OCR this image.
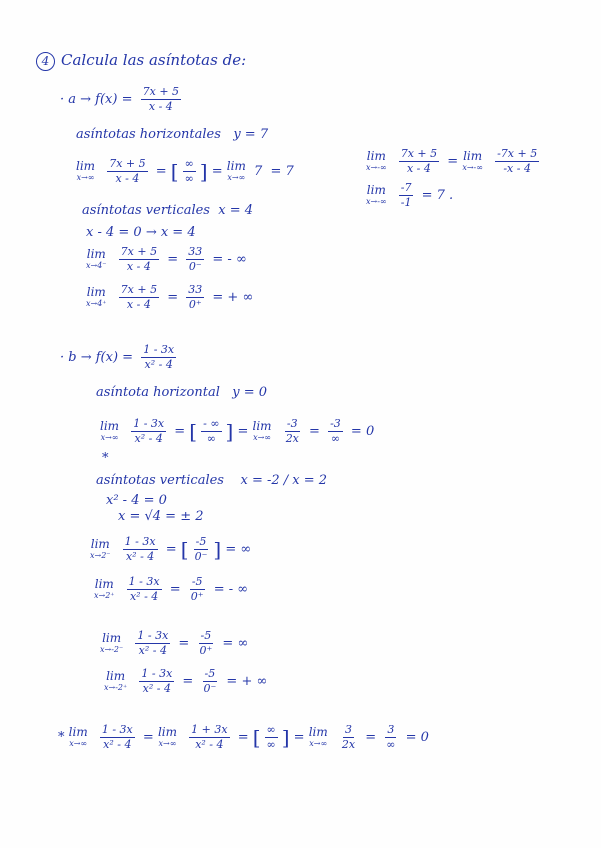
4 Calcula las asíntotas de:
· $a \to f(x) = \frac{7x + 5}{x - 4}$
asíntotas horizontales y = 7
lim
x→∞
$\frac{7x + 5}{x - 4}$ = [ $\frac{\infty}{\infty}$ ] = lim
x→∞ 7 = 7
lim
x→-∞
$\frac{7x + 5}{x - 4} = \lim$
x→-∞
$\frac{-7x + 5}{-x - 4}$
lim
x→-∞
$\frac{-7}{-1} = 7$ .
asíntotas verticales x = 4
x - 4 = 0 → x = 4
lim
x→4⁻
$\frac{7x + 5}{x - 4} = \frac{33}{0^-}$ = - ∞
lim
x→4⁺
$\frac{7x + 5}{x - 4} = \frac{33}{0^+}$ = + ∞
· $b \to f(x) = \frac{1 - 3x}{\text{x² - 4}}$
asíntota horizontal y = 0
lim
x→∞
$\frac{1 - 3x}{\text{x² - 4}}$ = [ $\frac{- \infty}{\infty}$ ] = lim
x→∞
$\frac{-3}{2x} = \frac{-3}{\infty} = 0$
*
asíntotas verticales x = -2 / x = 2
x² - 4 = 0
x = √4 = ± 2
lim
x→2⁻
$\frac{1 - 3x}{\text{x² - 4}}$ = [ $\frac{-5}{0^-}$ ] = ∞
lim
x→2⁺
$\frac{1 - 3x}{\text{x² - 4}} = \frac{-5}{0^+}$ = - ∞
lim
x→-2⁻
$\frac{1 - 3x}{\text{x² - 4}} = \frac{-5}{0^+}$ = ∞
lim
x→-2⁺
$\frac{1 - 3x}{\text{x² - 4}} = \frac{-5}{0^-}$ = + ∞
* lim
x→∞
$\frac{1 - 3x}{\text{x² - 4}} = \lim$
x→∞
$\frac{1 + 3x}{\text{x² - 4}}$ = [ $\frac{\infty}{\infty}$ ] = lim
x→∞
$\frac{3}{2x} = \frac{3}{\infty} = 0$
